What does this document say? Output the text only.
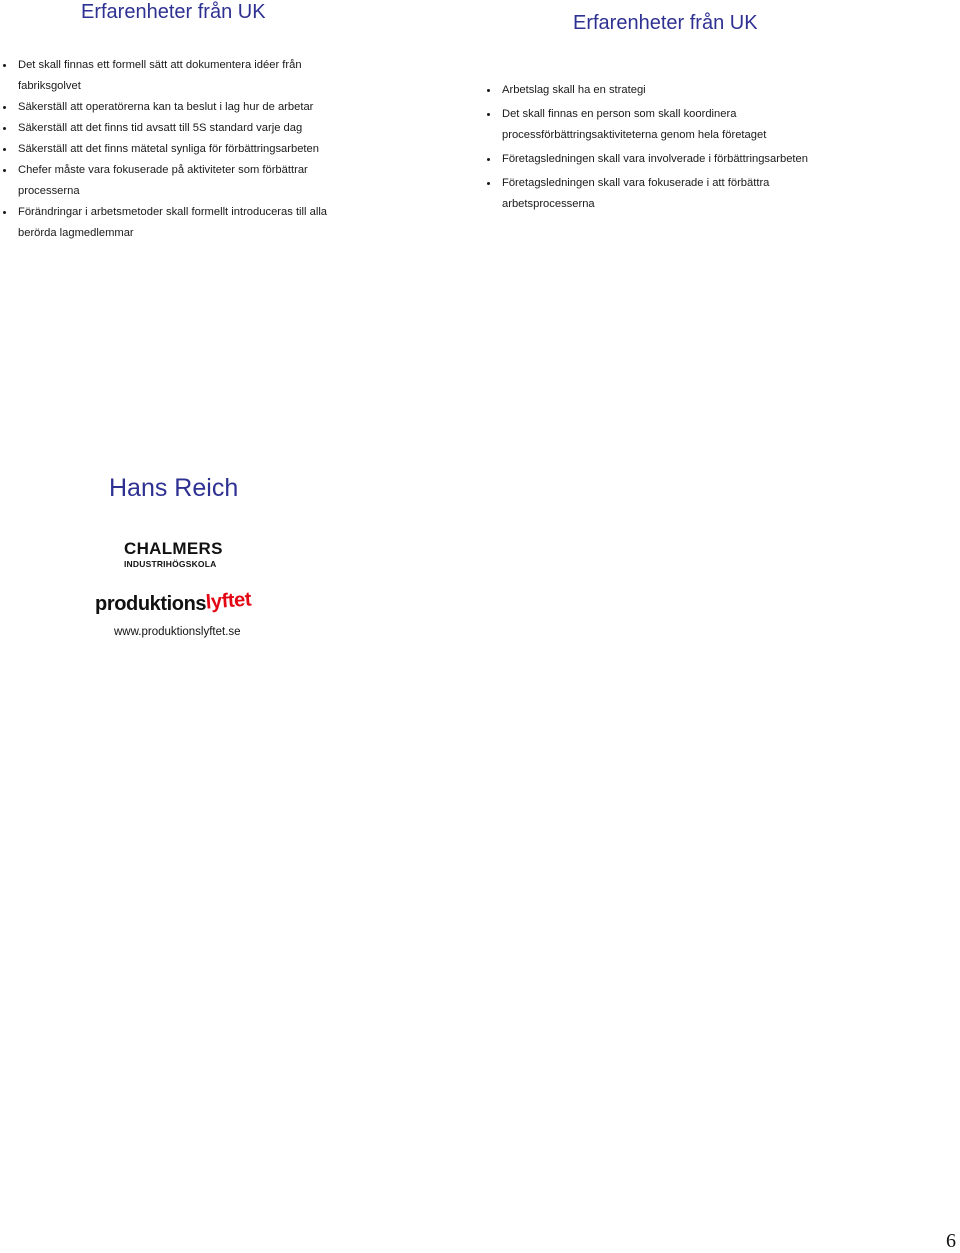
Erfarenheter från UK
Det skall finnas ett formell sätt att dokumentera idéer från
fabriksgolvet
Säkerställ att operatörerna kan ta beslut i lag hur de arbetar
Säkerställ att det finns tid avsatt till 5S standard varje dag
Säkerställ att det finns mätetal synliga för förbättringsarbeten
Chefer måste vara fokuserade på aktiviteter som förbättrar
processerna
Förändringar i arbetsmetoder skall formellt introduceras till alla
berörda lagmedlemmar
Erfarenheter från UK
Arbetslag skall ha en strategi
Det skall finnas en person som skall koordinera
processförbättringsaktiviteterna genom hela företaget
Företagsledningen skall vara involverade i förbättringsarbeten
Företagsledningen skall vara fokuserade i att förbättra
arbetsprocesserna
Hans Reich
CHALMERS
INDUSTRIHÖGSKOLA
produktionslyftet
www.produktionslyftet.se
6
